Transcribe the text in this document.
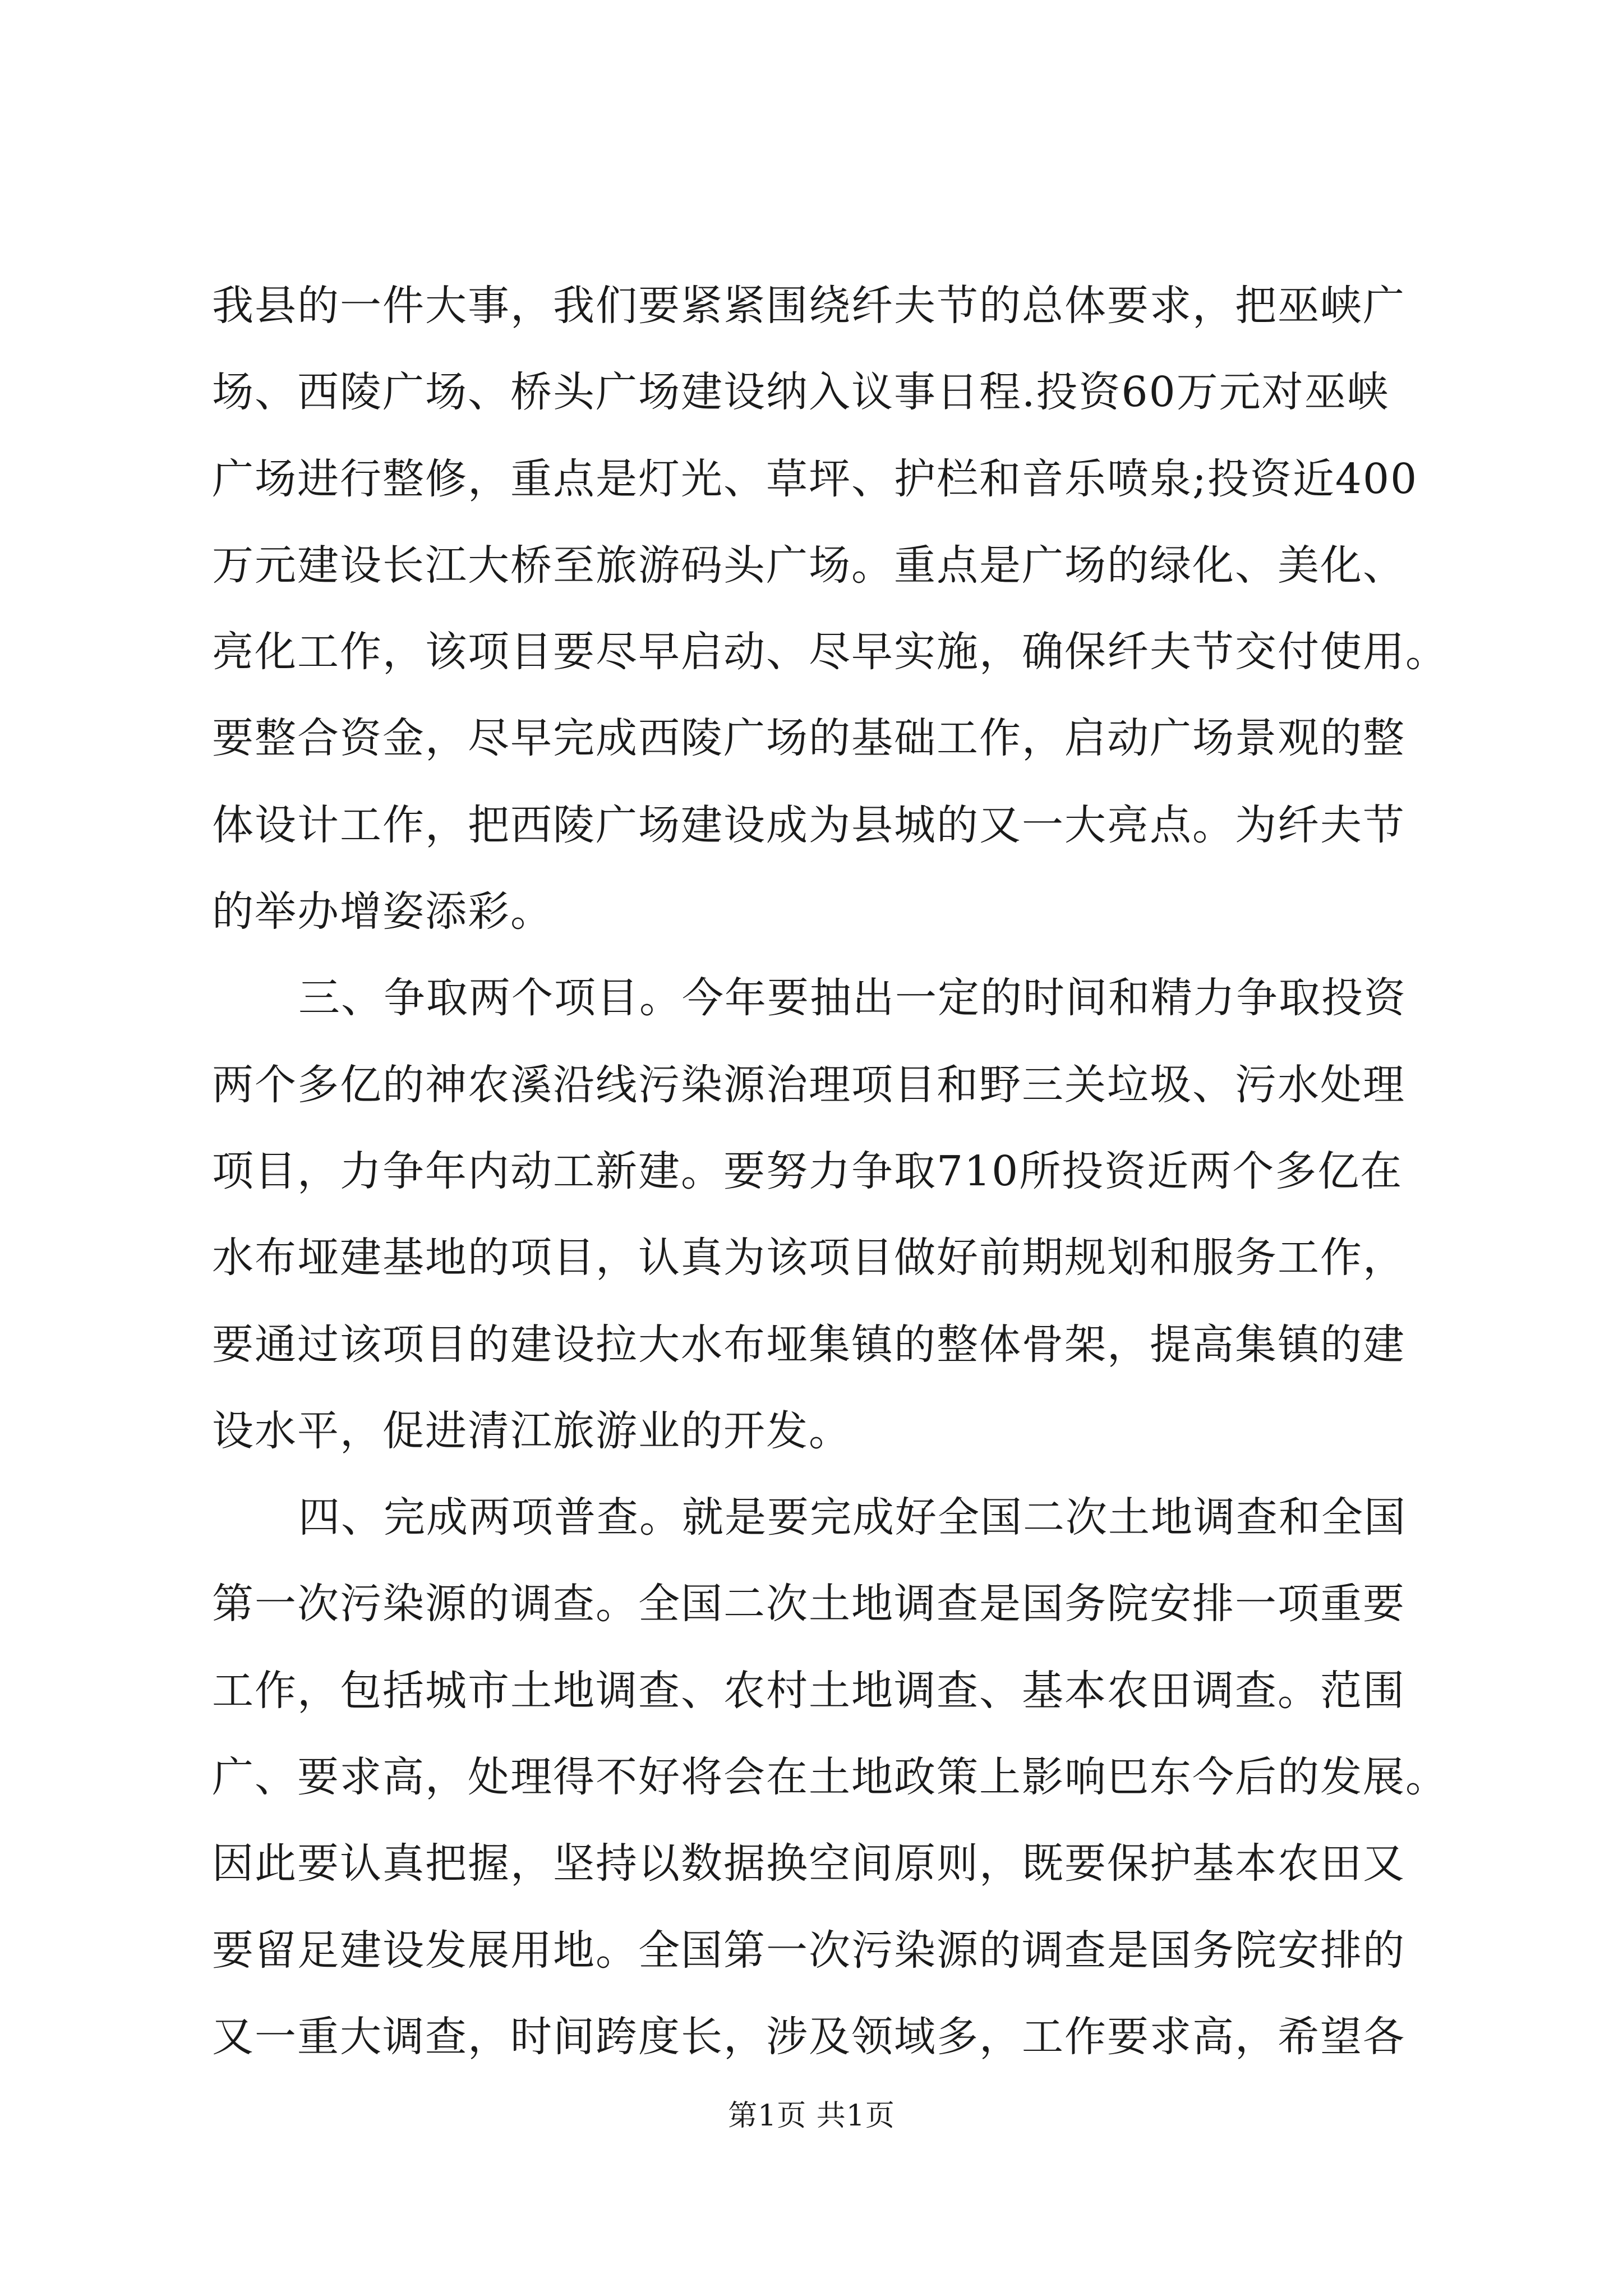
我县的一件大事，我们要紧紧围绕纤夫节的总体要求，把巫峡广
场、西陵广场、桥头广场建设纳入议事日程.投资60万元对巫峡
广场进行整修，重点是灯光、草坪、护栏和音乐喷泉;投资近400
万元建设长江大桥至旅游码头广场。重点是广场的绿化、美化、
亮化工作，该项目要尽早启动、尽早实施，确保纤夫节交付使用。
要整合资金，尽早完成西陵广场的基础工作，启动广场景观的整
体设计工作，把西陵广场建设成为县城的又一大亮点。为纤夫节
的举办增姿添彩。
三、争取两个项目。今年要抽出一定的时间和精力争取投资
两个多亿的神农溪沿线污染源治理项目和野三关垃圾、污水处理
项目，力争年内动工新建。要努力争取710所投资近两个多亿在
水布垭建基地的项目，认真为该项目做好前期规划和服务工作，
要通过该项目的建设拉大水布垭集镇的整体骨架，提高集镇的建
设水平，促进清江旅游业的开发。
四、完成两项普查。就是要完成好全国二次土地调查和全国
第一次污染源的调查。全国二次土地调查是国务院安排一项重要
工作，包括城市土地调查、农村土地调查、基本农田调查。范围
广、要求高，处理得不好将会在土地政策上影响巴东今后的发展。
因此要认真把握，坚持以数据换空间原则，既要保护基本农田又
要留足建设发展用地。全国第一次污染源的调查是国务院安排的
又一重大调查，时间跨度长，涉及领域多，工作要求高，希望各
第1页 共1页
